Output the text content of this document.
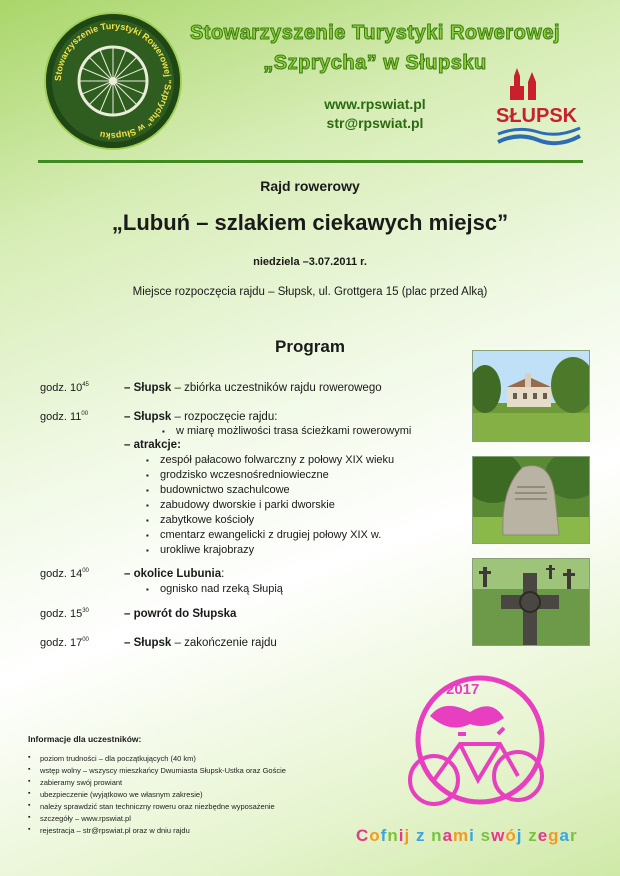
Stowarzyszenie Turystyki Rowerowej "Szprycha" w Słupsku
Stowarzyszenie Turystyki Rowerowej
„Szprycha” w Słupsku
www.rpswiat.pl
str@rpswiat.pl	SŁUPSK
Rajd rowerowy
„Lubuń – szlakiem ciekawych miejsc”
niedziela –3.07.2011 r.
Miejsce rozpoczęcia rajdu – Słupsk, ul. Grottgera 15 (plac przed Alką)
Program
godz. $10^{45}$	– Słupsk – zbiórka uczestników rajdu rowerowego
godz. $11^{00}$	– Słupsk – rozpoczęcie rajdu:
▪ w miarę możliwości trasa ścieżkami rowerowymi
– atrakcje:
▪ zespół pałacowo folwarczny z połowy XIX wieku
▪ grodzisko wczesnośredniowieczne
▪ budownictwo szachulcowe
▪ zabudowy dworskie i parki dworskie
▪ zabytkowe kościoły
▪ cmentarz ewangelicki z drugiej połowy XIX w.
▪ urokliwe krajobrazy
godz. $14^{00}$	– okolice Lubunia:
▪ ognisko nad rzeką Słupią
godz. $15^{30}$	– powrót do Słupska
godz. $17^{00}$	– Słupsk – zakończenie rajdu
Informacje dla uczestników:
▪ poziom trudności – dla początkujących (40 km)
▪ wstęp wolny – wszyscy mieszkańcy Dwumiasta Słupsk-Ustka oraz Goście
▪ zabieramy swój prowiant
▪ ubezpieczenie (wyjątkowo we własnym zakresie)
▪ należy sprawdzić stan techniczny roweru oraz niezbędne wyposażenie
▪ szczegóły – www.rpswiat.pl
▪ rejestracja – str@rpswiat.pl oraz w dniu rajdu
2017
Cofnij z nami swój zegar
